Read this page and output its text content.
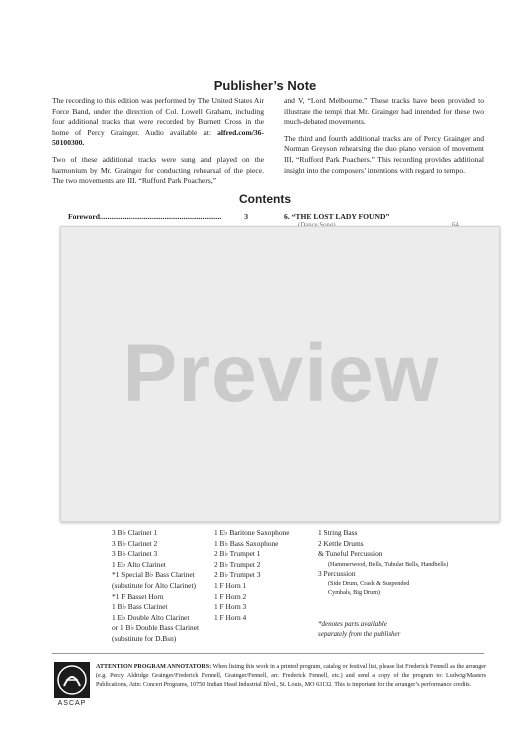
Publisher’s Note

The recording to this edition was performed by The United States Air Force Band, under the direction of Col. Lowell Graham, including four additional tracks that were recorded by Burnett Cross in the home of Percy Grainger. Audio available at: alfred.com/36-50100300.

Two of these additional tracks were sung and played on the harmonium by Mr. Grainger for conducting rehearsal of the piece. The two movements are III. “Rufford Park Poachers,”

and V, “Lord Melbourne.” These tracks have been provided to illustrate the tempi that Mr. Grainger had intended for these two much-debated movements.

The third and fourth additional tracks are of Percy Grainger and Norman Greyson rehearsing the duo piano version of movement III, “Rufford Park Poachers.” This recording provides additional insight into the composers’ intentions with regard to tempo.

Contents
Foreword ................................................................	3	6. “THE LOST LADY FOUND”
3 B♭ Clarinet 1
3 B♭ Clarinet 2
3 B♭ Clarinet 3
1 E♭ Alto Clarinet
*1 Special B♭ Bass Clarinet
(substitute for Alto Clarinet)
*1 F Basset Horn
1 B♭ Bass Clarinet
1 E♭ Double Alto Clarinet
or 1 B♭ Double Bass Clarinet
(substitute for D.Bsn)
1 E♭ Baritone Saxophone
1 B♭ Bass Saxophone
2 B♭ Trumpet 1
2 B♭ Trumpet 2
2 B♭ Trumpet 3
1 F Horn 1
1 F Horn 2
1 F Horn 3
1 F Horn 4
1 String Bass
2 Kettle Drums
& Tuneful Percussion
(Hammerwood, Bells, Tubular Bells, Handbells)
3 Percussion
(Side Drum, Crash & Suspended
Cymbals, Big Drum)
*denotes parts available
separately from the publisher
Preview
ASCAP
ATTENTION PROGRAM ANNOTATORS: When listing this work in a printed program, catalog or festival list, please list Frederick Fennell as the arranger (e.g. Percy Aldridge Grainger/Frederick Fennell, Grainger/Fennell, arr. Frederick Fennell, etc.) and send a copy of the program to: Ludwig/Masters Publications, Attn: Concert Programs, 10750 Indian Head Industrial Blvd., St. Louis, MO 63132. This is important for the arranger’s performance credits.
